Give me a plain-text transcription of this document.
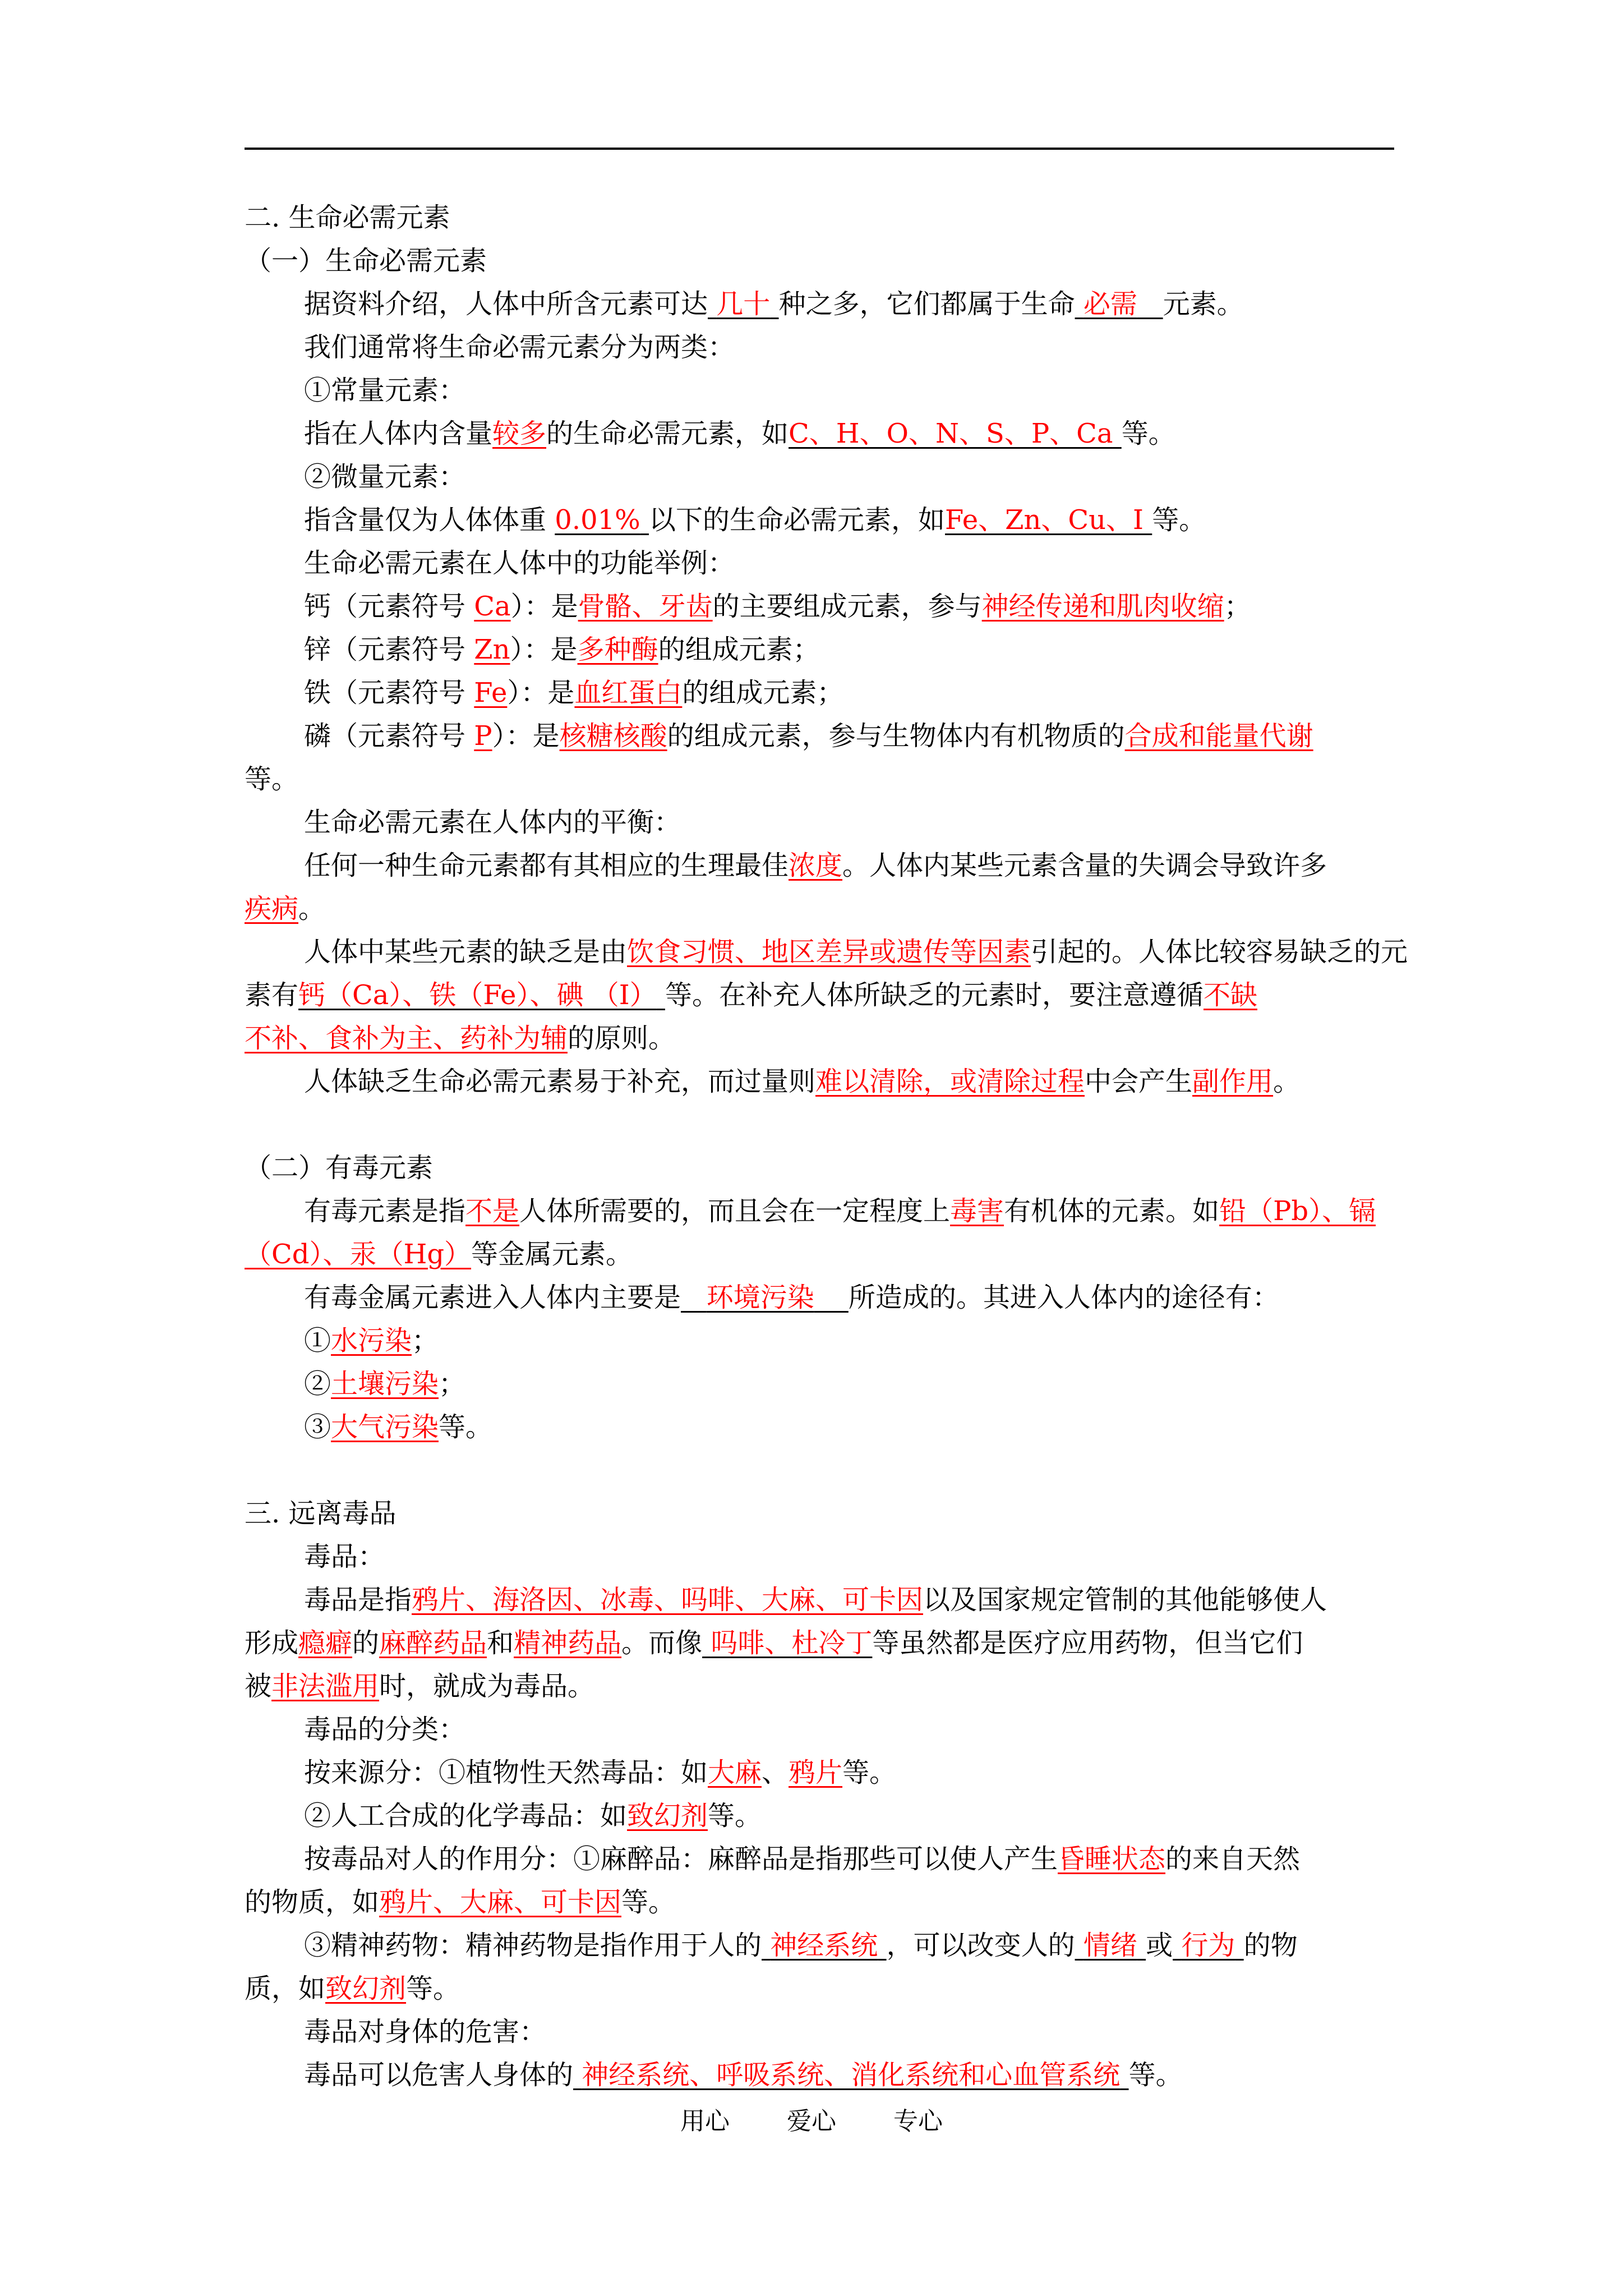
二. 生命必需元素

（一）生命必需元素

据资料介绍，人体中所含元素可达 几十 种之多，它们都属于生命 必需 元素。

我们通常将生命必需元素分为两类：

①常量元素：

指在人体内含量较多的生命必需元素，如C、H、O、N、S、P、Ca 等。

②微量元素：

指含量仅为人体体重 0.01% 以下的生命必需元素，如Fe、Zn、Cu、I 等。

生命必需元素在人体中的功能举例：

钙（元素符号 Ca）：是骨骼、牙齿的主要组成元素，参与神经传递和肌肉收缩；

锌（元素符号 Zn）：是多种酶的组成元素；

铁（元素符号 Fe）：是血红蛋白的组成元素；

磷（元素符号 P）：是核糖核酸的组成元素，参与生物体内有机物质的合成和能量代谢
等。

生命必需元素在人体内的平衡：

任何一种生命元素都有其相应的生理最佳浓度。人体内某些元素含量的失调会导致许多
疾病。

人体中某些元素的缺乏是由饮食习惯、地区差异或遗传等因素引起的。人体比较容易缺乏的元
素有钙（Ca）、铁（Fe）、碘 （I） 等。在补充人体所缺乏的元素时，要注意遵循不缺
不补、食补为主、药补为辅的原则。

人体缺乏生命必需元素易于补充，而过量则难以清除，或清除过程中会产生副作用。

（二）有毒元素

有毒元素是指不是人体所需要的，而且会在一定程度上毒害有机体的元素。如铅（Pb）、镉
（Cd）、汞（Hg）等金属元素。

有毒金属元素进入人体内主要是 环境污染 所造成的。其进入人体内的途径有：

①水污染；

②土壤污染；

③大气污染等。

三. 远离毒品

毒品：

毒品是指鸦片、海洛因、冰毒、吗啡、大麻、可卡因以及国家规定管制的其他能够使人
形成瘾癖的麻醉药品和精神药品。而像 吗啡、杜冷丁等虽然都是医疗应用药物，但当它们
被非法滥用时，就成为毒品。

毒品的分类：

按来源分：①植物性天然毒品：如大麻、鸦片等。

②人工合成的化学毒品：如致幻剂等。

按毒品对人的作用分：①麻醉品：麻醉品是指那些可以使人产生昏睡状态的来自天然
的物质，如鸦片、大麻、可卡因等。

③精神药物：精神药物是指作用于人的 神经系统 ，可以改变人的 情绪 或 行为 的物
质，如致幻剂等。

毒品对身体的危害：

毒品可以危害人身体的 神经系统、呼吸系统、消化系统和心血管系统 等。

用心 爱心 专心
